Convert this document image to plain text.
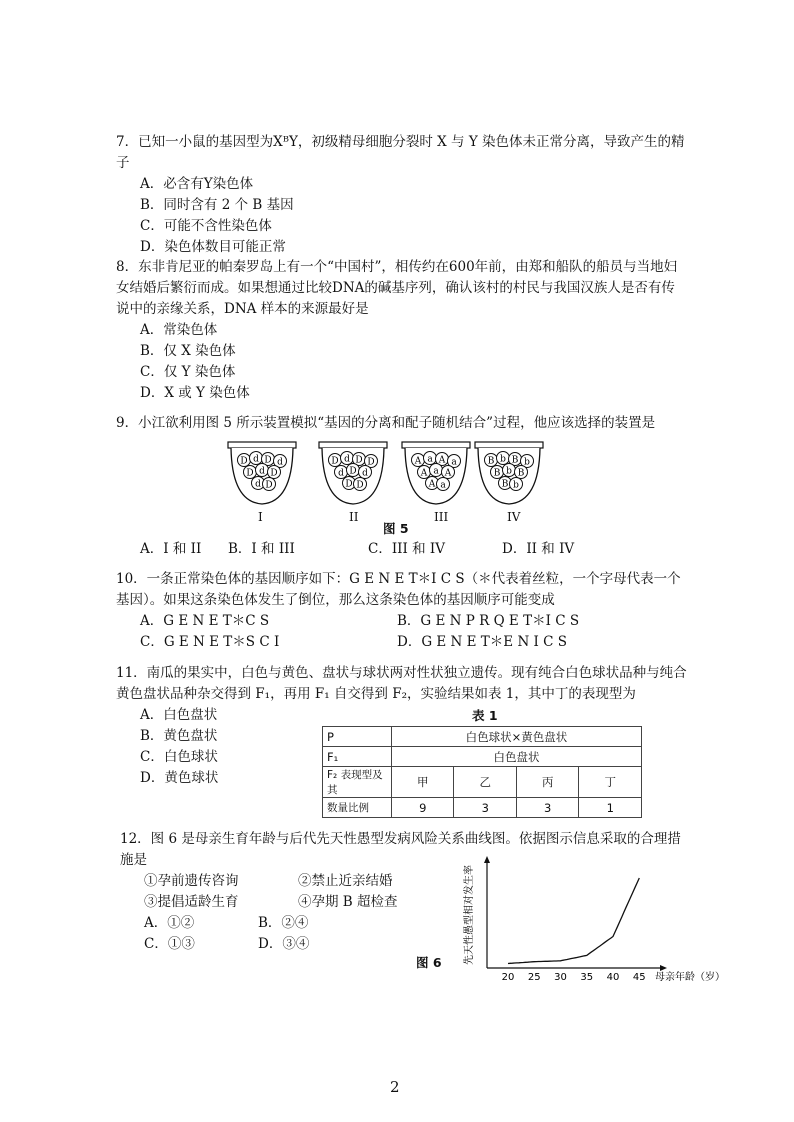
7．已知一小鼠的基因型为XᴮY，初级精母细胞分裂时 X 与 Y 染色体未正常分离，导致产生的精子

A．必含有Y染色体
B．同时含有 2 个 B 基因
C．可能不含性染色体
D．染色体数目可能正常

8．东非肯尼亚的帕秦罗岛上有一个“中国村”，相传约在600年前，由郑和船队的船员与当地妇女结婚后繁衍而成。如果想通过比较DNA的碱基序列，确认该村的村民与我国汉族人是否有传说中的亲缘关系，DNA 样本的来源最好是

A．常染色体
B．仅 X 染色体
C．仅 Y 染色体
D．X 或 Y 染色体

9．小江欲利用图 5 所示装置模拟“基因的分离和配子随机结合”过程，他应该选择的装置是

D d D d
D d D
d D
D d D D
d D d
D D
A a A a
A a A
A a
B b B b
B b B
B b
I	II	III	IV
图 5
A．I 和 II	B．I 和 III	C．III 和 IV	D．II 和 IV

10．一条正常染色体的基因顺序如下：G E N E T＊I C S（＊代表着丝粒，一个字母代表一个基因）。如果这条染色体发生了倒位，那么这条染色体的基因顺序可能变成

A．G E N E T＊C S	B．G E N P R Q E T＊I C S
C．G E N E T＊S C I	D．G E N E T＊E N I C S

11．南瓜的果实中，白色与黄色、盘状与球状两对性状独立遗传。现有纯合白色球状品种与纯合黄色盘状品种杂交得到 F₁，再用 F₁ 自交得到 F₂，实验结果如表 1，其中丁的表现型为

A．白色盘状
B．黄色盘状
C．白色球状
D．黄色球状
表 1
P	白色球状×黄色盘状			
F₁	白色盘状			
F₂ 表现型及其	甲	乙	丙	丁
数量比例	9	3	3	1

12．图 6 是母亲生育年龄与后代先天性愚型发病风险关系曲线图。依据图示信息采取的合理措施是

①孕前遗传咨询	②禁止近亲结婚
③提倡适龄生育	④孕期 B 超检查
A．①②	B．②④
C．①③	D．③④
图 6 先天性愚型相对发生率
20 25 30 35 40 45 母亲年龄（岁）
2
